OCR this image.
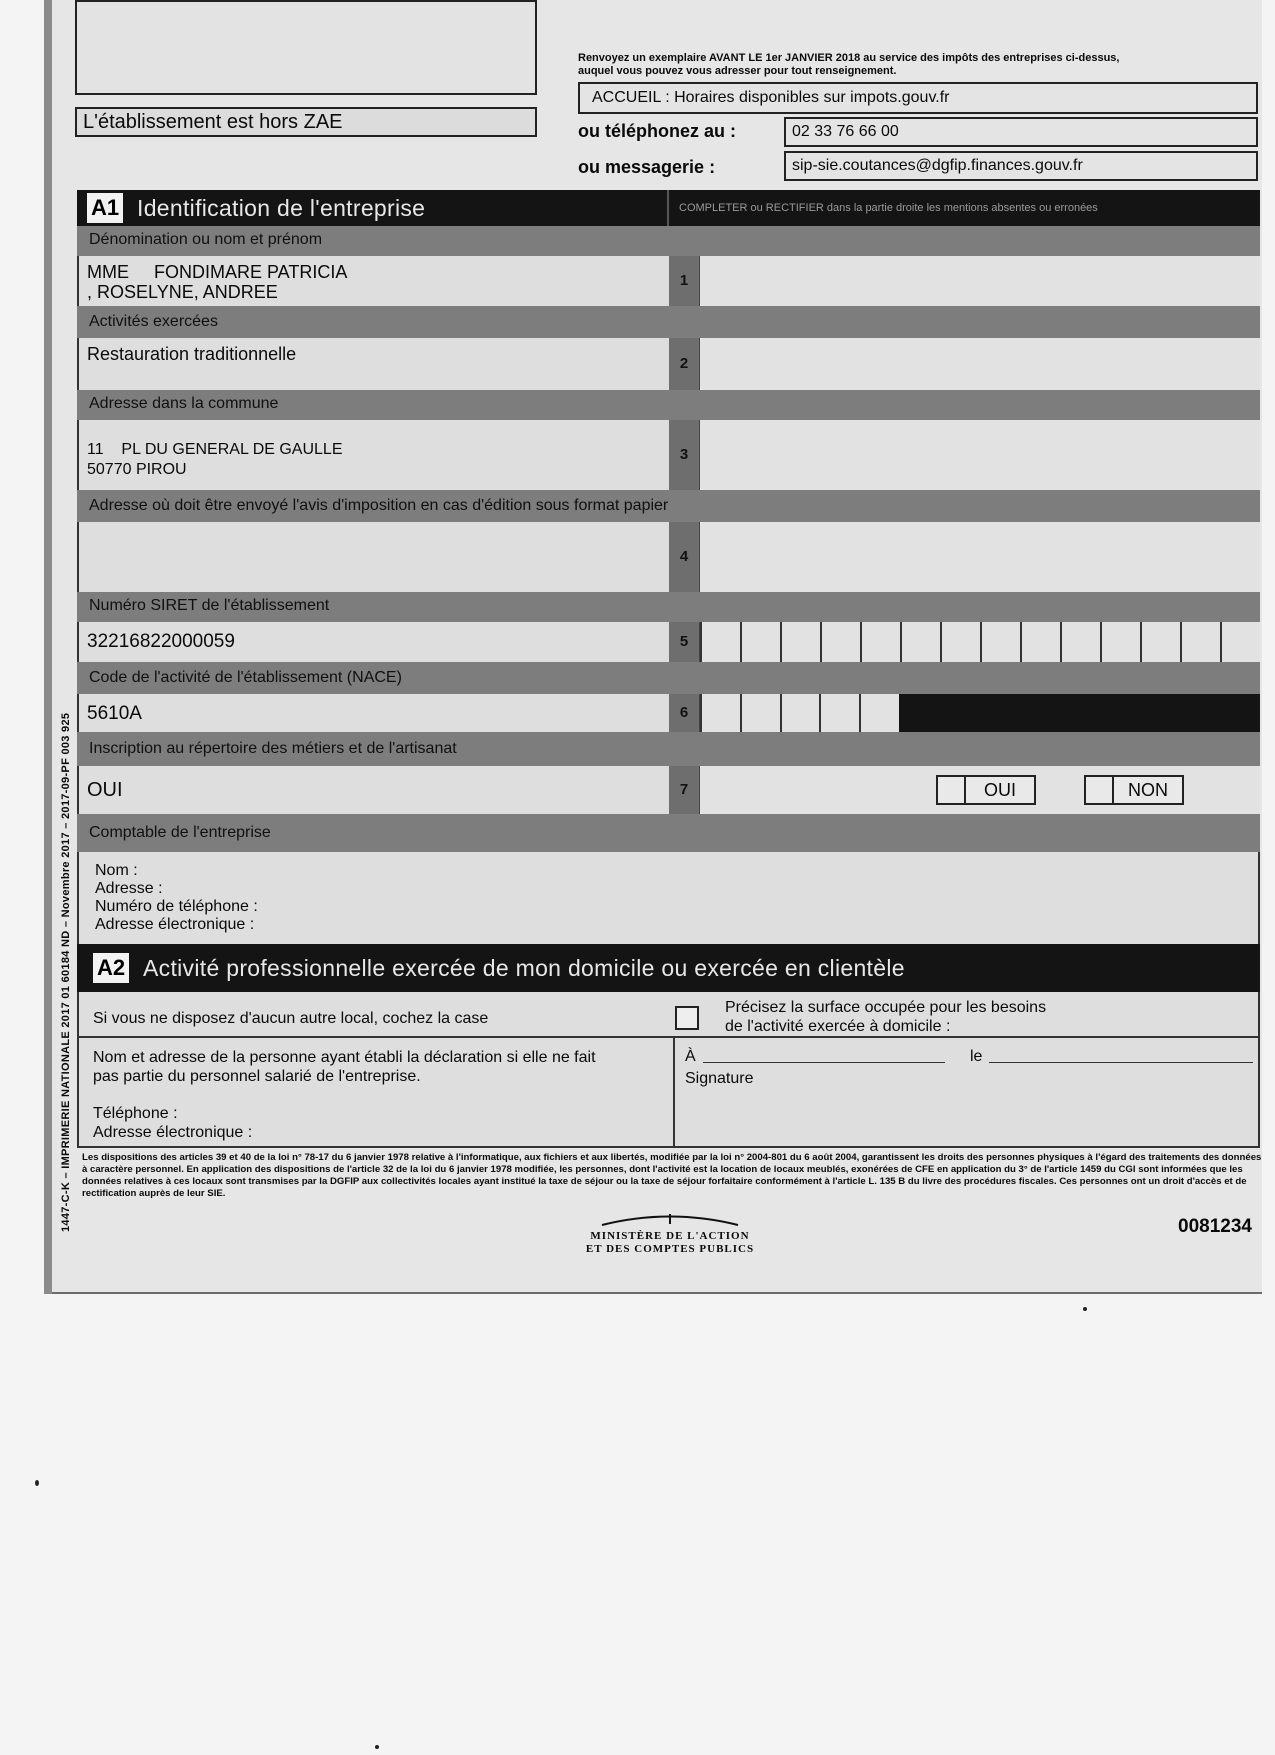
L'établissement est hors ZAE
Renvoyez un exemplaire AVANT LE 1er JANVIER 2018 au service des impôts des entreprises ci-dessus,
auquel vous pouvez vous adresser pour tout renseignement.
ACCUEIL : Horaires disponibles sur impots.gouv.fr
ou téléphonez au :	02 33 76 66 00
ou messagerie :	sip-sie.coutances@dgfip.finances.gouv.fr
A1 Identification de l'entreprise	COMPLETER ou RECTIFIER dans la partie droite les mentions absentes ou erronées
Dénomination ou nom et prénom
MME     FONDIMARE PATRICIA
, ROSELYNE, ANDREE
1
Activités exercées
Restauration traditionnelle	2
Adresse dans la commune
11    PL DU GENERAL DE GAULLE
50770 PIROU
3
Adresse où doit être envoyé l'avis d'imposition en cas d'édition sous format papier
4
Numéro SIRET de l'établissement
32216822000059	5
Code de l'activité de l'établissement (NACE)
5610A	6
Inscription au répertoire des métiers et de l'artisanat
OUI	7	OUI	NON
Comptable de l'entreprise
Nom :
Adresse :
Numéro de téléphone :
Adresse électronique :
A2 Activité professionnelle exercée de mon domicile ou exercée en clientèle
Si vous ne disposez d'aucun autre local, cochez la case
Précisez la surface occupée pour les besoins
de l'activité exercée à domicile :
Nom et adresse de la personne ayant établi la déclaration si elle ne fait
pas partie du personnel salarié de l'entreprise.
Téléphone :
Adresse électronique :
À	le
Signature
Les dispositions des articles 39 et 40 de la loi n° 78-17 du 6 janvier 1978 relative à l'informatique, aux fichiers et aux libertés, modifiée par la loi n° 2004-801 du 6 août 2004, garantissent les droits des personnes physiques à l'égard des traitements des données à caractère personnel. En application des dispositions de l'article 32 de la loi du 6 janvier 1978 modifiée, les personnes, dont l'activité est la location de locaux meublés, exonérées de CFE en application du 3° de l'article 1459 du CGI sont informées que les données relatives à ces locaux sont transmises par la DGFIP aux collectivités locales ayant institué la taxe de séjour ou la taxe de séjour forfaitaire conformément à l'article L. 135 B du livre des procédures fiscales. Ces personnes ont un droit d'accès et de rectification auprès de leur SIE.
1447-C-K – IMPRIMERIE NATIONALE 2017 01 60184 ND – Novembre 2017 – 2017-09-PF 003 925
MINISTÈRE DE L'ACTION
ET DES COMPTES PUBLICS
0081234
